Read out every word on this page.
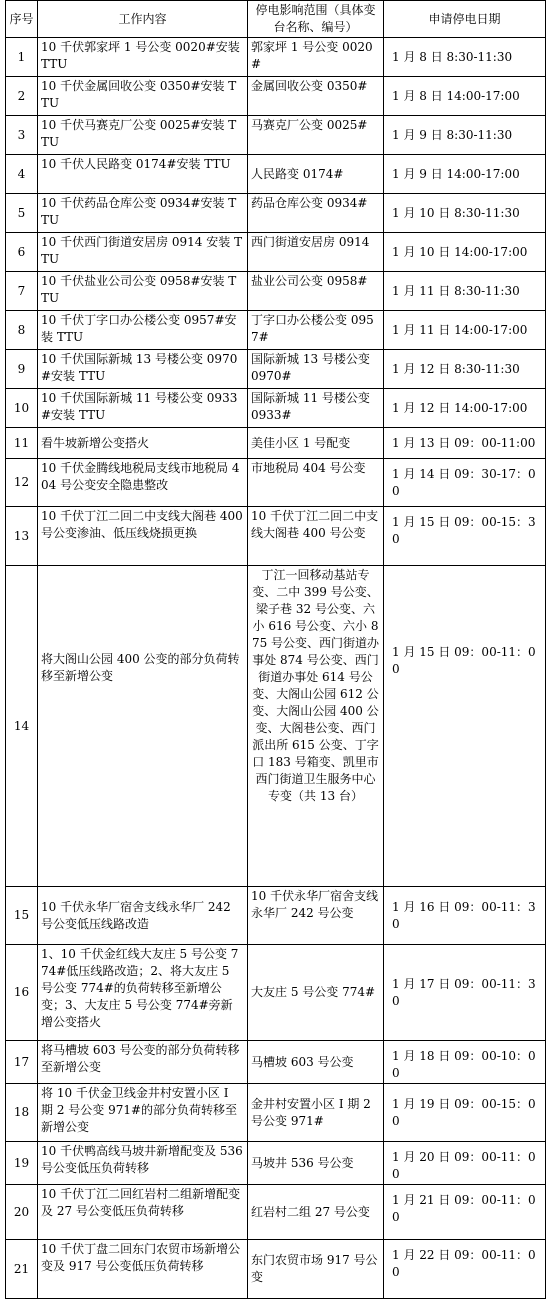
序号	工作内容	停电影响范围（具体变台名称、编号）	申请停电日期
1	10 千伏郭家坪 1 号公变 0020#安装 TTU	郭家坪 1 号公变 0020#	1 月 8 日 8:30-11:30
2	10 千伏金属回收公变 0350#安装 TTU	金属回收公变 0350#	1 月 8 日 14:00-17:00
3	10 千伏马赛克厂公变 0025#安装 TTU	马赛克厂公变 0025#	1 月 9 日 8:30-11:30
4	10 千伏人民路变 0174#安装 TTU	人民路变 0174#	1 月 9 日 14:00-17:00
5	10 千伏药品仓库公变 0934#安装 TTU	药品仓库公变 0934#	1 月 10 日 8:30-11:30
6	10 千伏西门街道安居房 0914 安装 TTU	西门街道安居房 0914	1 月 10 日 14:00-17:00
7	10 千伏盐业公司公变 0958#安装 TTU	盐业公司公变 0958#	1 月 11 日 8:30-11:30
8	10 千伏丁字口办公楼公变 0957#安装 TTU	丁字口办公楼公变 0957#	1 月 11 日 14:00-17:00
9	10 千伏国际新城 13 号楼公变 0970#安装 TTU	国际新城 13 号楼公变 0970#	1 月 12 日 8:30-11:30
10	10 千伏国际新城 11 号楼公变 0933#安装 TTU	国际新城 11 号楼公变 0933#	1 月 12 日 14:00-17:00
11	看牛坡新增公变搭火	美佳小区 1 号配变	1 月 13 日 09：00-11:00
12	10 千伏金腾线地税局支线市地税局 404 号公变安全隐患整改	市地税局 404 号公变	1 月 14 日 09：30-17：00
13	10 千伏丁江二回二中支线大阁巷 400 号公变渗油、低压线烧损更换	10 千伏丁江二回二中支线大阁巷 400 号公变	1 月 15 日 09：00-15：30
14	将大阁山公园 400 公变的部分负荷转移至新增公变	丁江一回移动基站专变、二中 399 号公变、梁子巷 32 号公变、六小 616 号公变、六小 875 号公变、西门街道办事处 874 号公变、西门街道办事处 614 号公变、大阁山公园 612 公变、大阁山公园 400 公变、大阁巷公变、西门派出所 615 公变、丁字口 183 号箱变、凯里市西门街道卫生服务中心专变（共 13 台）	1 月 15 日 09：00-11：00
15	10 千伏永华厂宿舍支线永华厂 242 号公变低压线路改造	10 千伏永华厂宿舍支线永华厂 242 号公变	1 月 16 日 09：00-11：30
16	1、10 千伏金红线大友庄 5 号公变 774#低压线路改造；2、将大友庄 5 号公变 774#的负荷转移至新增公变；3、大友庄 5 号公变 774#旁新增公变搭火	大友庄 5 号公变 774#	1 月 17 日 09：00-11：30
17	将马槽坡 603 号公变的部分负荷转移至新增公变	马槽坡 603 号公变	1 月 18 日 09：00-10：00
18	将 10 千伏金卫线金井村安置小区 I 期 2 号公变 971#的部分负荷转移至新增公变	金井村安置小区 I 期 2 号公变 971#	1 月 19 日 09：00-15：00
19	10 千伏鸭高线马坡井新增配变及 536 号公变低压负荷转移	马坡井 536 号公变	1 月 20 日 09：00-11：00
20	10 千伏丁江二回红岩村二组新增配变及 27 号公变低压负荷转移	红岩村二组 27 号公变	1 月 21 日 09：00-11：00
21	10 千伏丁盘二回东门农贸市场新增公变及 917 号公变低压负荷转移	东门农贸市场 917 号公变	1 月 22 日 09：00-11：00
